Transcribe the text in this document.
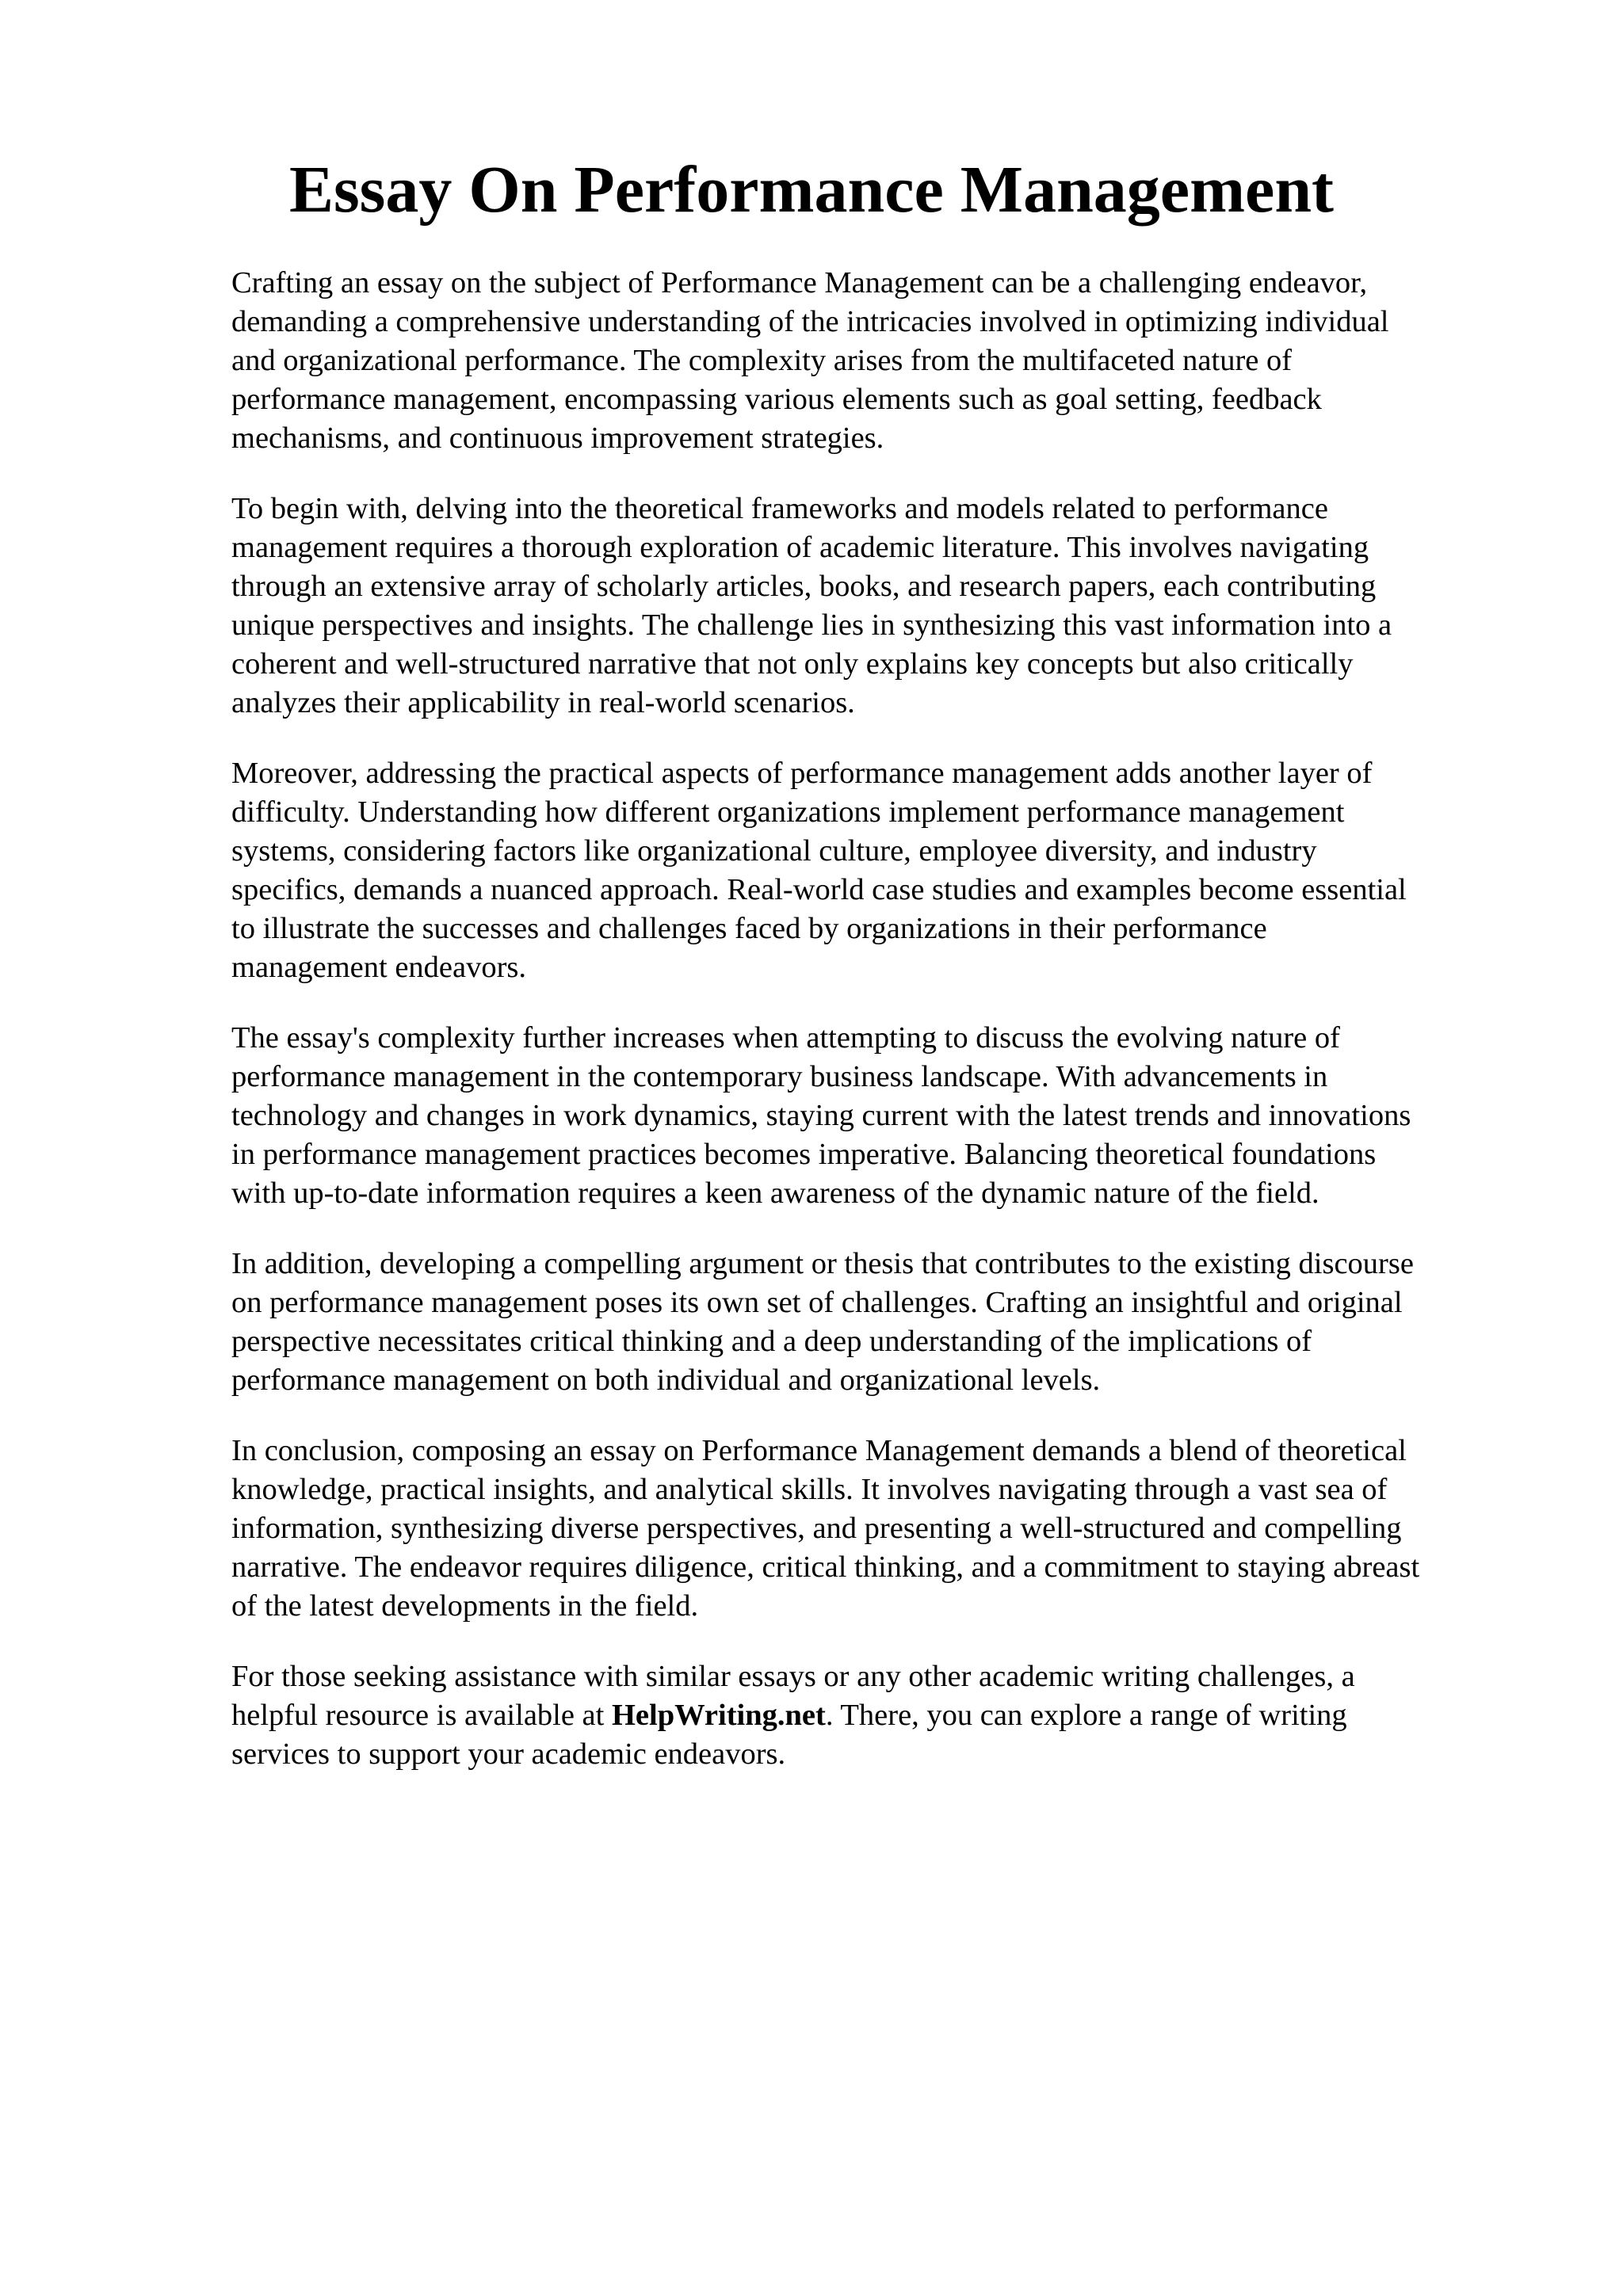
Essay On Performance Management

Crafting an essay on the subject of Performance Management can be a challenging endeavor,
demanding a comprehensive understanding of the intricacies involved in optimizing individual
and organizational performance. The complexity arises from the multifaceted nature of
performance management, encompassing various elements such as goal setting, feedback
mechanisms, and continuous improvement strategies.

To begin with, delving into the theoretical frameworks and models related to performance
management requires a thorough exploration of academic literature. This involves navigating
through an extensive array of scholarly articles, books, and research papers, each contributing
unique perspectives and insights. The challenge lies in synthesizing this vast information into a
coherent and well-structured narrative that not only explains key concepts but also critically
analyzes their applicability in real-world scenarios.

Moreover, addressing the practical aspects of performance management adds another layer of
difficulty. Understanding how different organizations implement performance management
systems, considering factors like organizational culture, employee diversity, and industry
specifics, demands a nuanced approach. Real-world case studies and examples become essential
to illustrate the successes and challenges faced by organizations in their performance
management endeavors.

The essay's complexity further increases when attempting to discuss the evolving nature of
performance management in the contemporary business landscape. With advancements in
technology and changes in work dynamics, staying current with the latest trends and innovations
in performance management practices becomes imperative. Balancing theoretical foundations
with up-to-date information requires a keen awareness of the dynamic nature of the field.

In addition, developing a compelling argument or thesis that contributes to the existing discourse
on performance management poses its own set of challenges. Crafting an insightful and original
perspective necessitates critical thinking and a deep understanding of the implications of
performance management on both individual and organizational levels.

In conclusion, composing an essay on Performance Management demands a blend of theoretical
knowledge, practical insights, and analytical skills. It involves navigating through a vast sea of
information, synthesizing diverse perspectives, and presenting a well-structured and compelling
narrative. The endeavor requires diligence, critical thinking, and a commitment to staying abreast
of the latest developments in the field.

For those seeking assistance with similar essays or any other academic writing challenges, a
helpful resource is available at HelpWriting.net. There, you can explore a range of writing
services to support your academic endeavors.
